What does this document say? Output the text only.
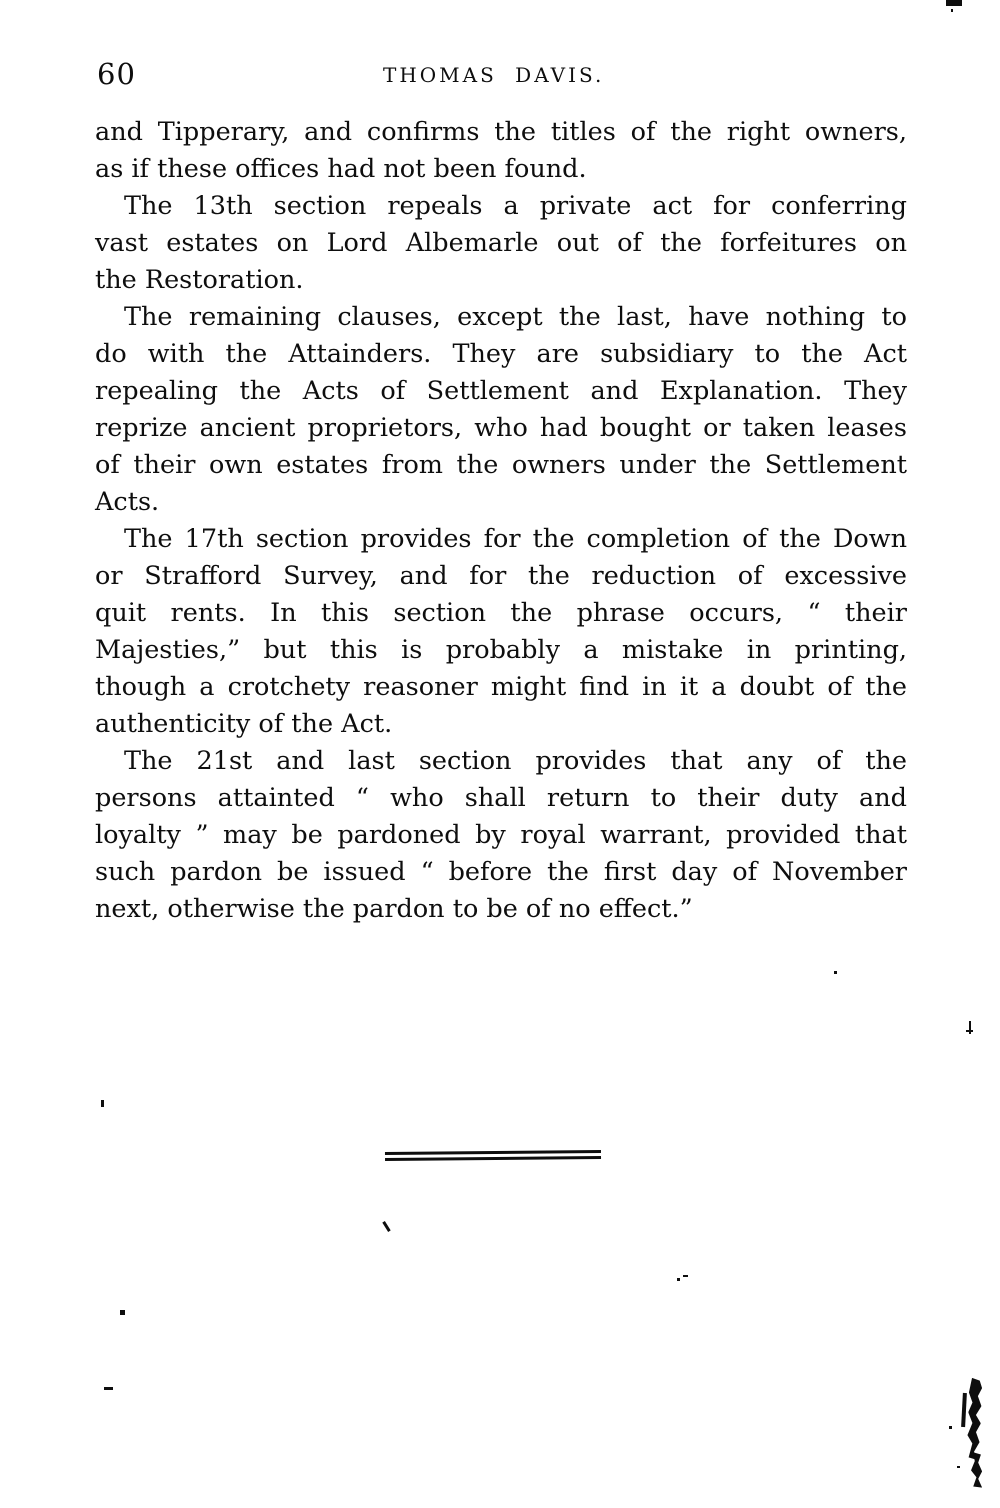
60	THOMAS DAVIS.

and Tipperary, and confirms the titles of the right owners,
as if these offices had not been found.

The 13th section repeals a private act for conferring
vast estates on Lord Albemarle out of the forfeitures on
the Restoration.

The remaining clauses, except the last, have nothing to
do with the Attainders. They are subsidiary to the Act
repealing the Acts of Settlement and Explanation. They
reprize ancient proprietors, who had bought or taken leases
of their own estates from the owners under the Settlement
Acts.

The 17th section provides for the completion of the Down
or Strafford Survey, and for the reduction of excessive
quit rents. In this section the phrase occurs, “ their
Majesties,” but this is probably a mistake in printing,
though a crotchety reasoner might find in it a doubt of the
authenticity of the Act.

The 21st and last section provides that any of the
persons attainted “ who shall return to their duty and
loyalty ” may be pardoned by royal warrant, provided that
such pardon be issued “ before the first day of November
next, otherwise the pardon to be of no effect.”
